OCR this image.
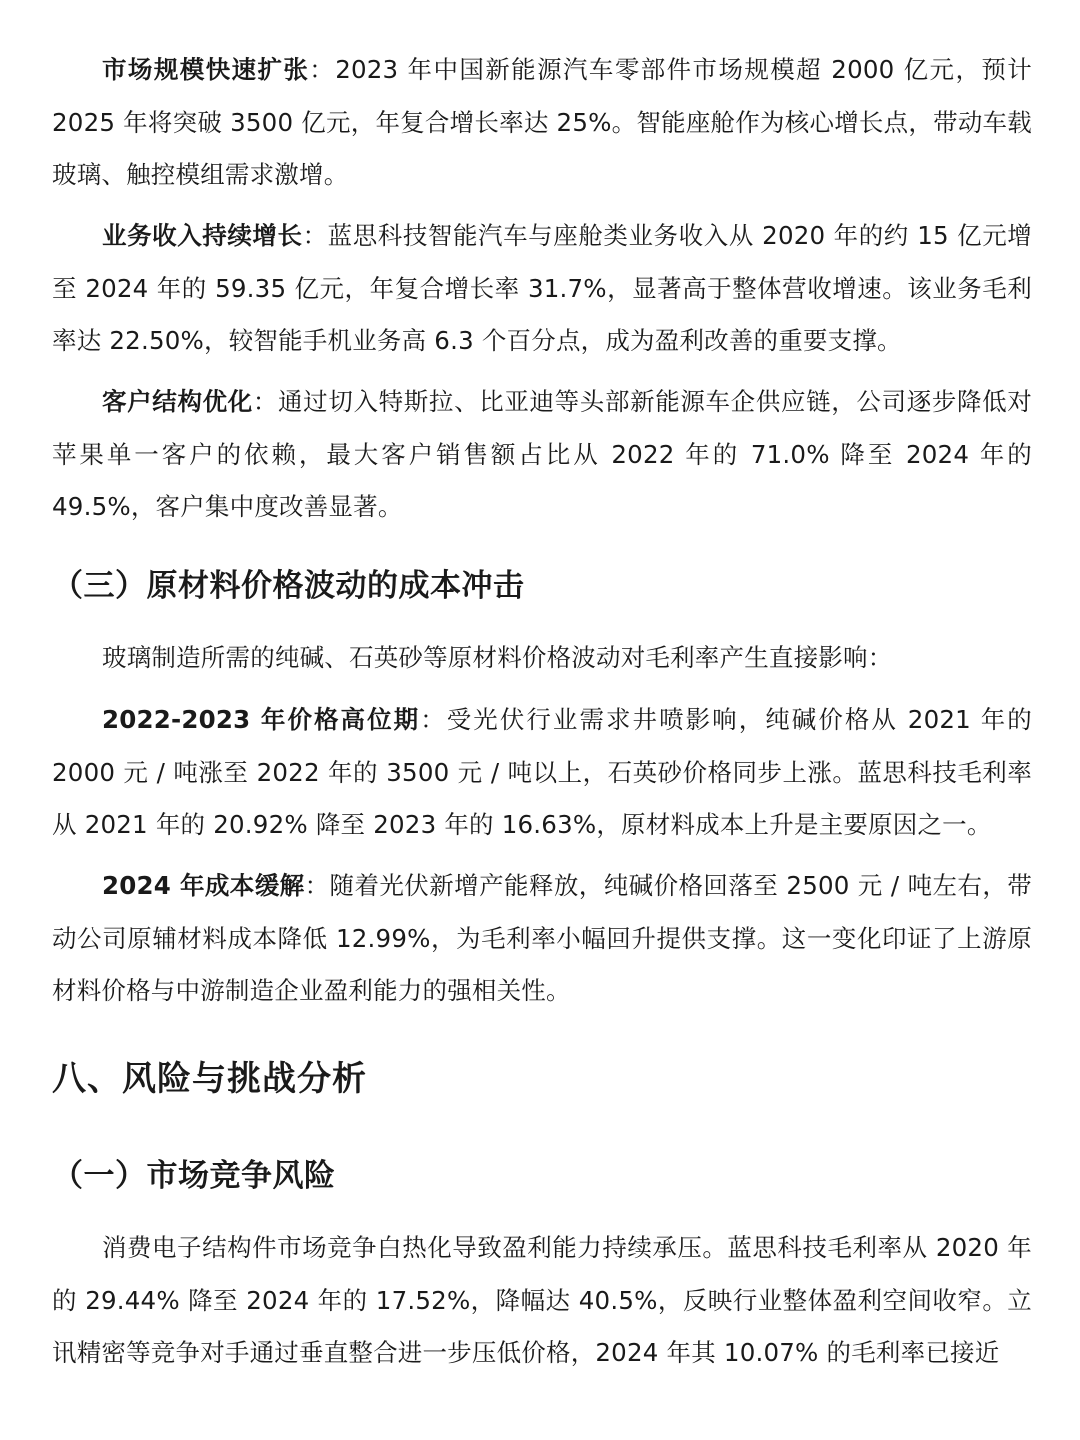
市场规模快速扩张：2023 年中国新能源汽车零部件市场规模超 2000 亿元，预计 2025 年将突破 3500 亿元，年复合增长率达 25%。智能座舱作为核心增长点，带动车载玻璃、触控模组需求激增。

业务收入持续增长：蓝思科技智能汽车与座舱类业务收入从 2020 年的约 15 亿元增至 2024 年的 59.35 亿元，年复合增长率 31.7%，显著高于整体营收增速。该业务毛利率达 22.50%，较智能手机业务高 6.3 个百分点，成为盈利改善的重要支撑。

客户结构优化：通过切入特斯拉、比亚迪等头部新能源车企供应链，公司逐步降低对苹果单一客户的依赖，最大客户销售额占比从 2022 年的 71.0% 降至 2024 年的 49.5%，客户集中度改善显著。

（三）原材料价格波动的成本冲击

玻璃制造所需的纯碱、石英砂等原材料价格波动对毛利率产生直接影响：

2022-2023 年价格高位期：受光伏行业需求井喷影响，纯碱价格从 2021 年的 2000 元 / 吨涨至 2022 年的 3500 元 / 吨以上，石英砂价格同步上涨。蓝思科技毛利率从 2021 年的 20.92% 降至 2023 年的 16.63%，原材料成本上升是主要原因之一。

2024 年成本缓解：随着光伏新增产能释放，纯碱价格回落至 2500 元 / 吨左右，带动公司原辅材料成本降低 12.99%，为毛利率小幅回升提供支撑。这一变化印证了上游原材料价格与中游制造企业盈利能力的强相关性。

八、风险与挑战分析
（一）市场竞争风险

消费电子结构件市场竞争白热化导致盈利能力持续承压。蓝思科技毛利率从 2020 年的 29.44% 降至 2024 年的 17.52%，降幅达 40.5%，反映行业整体盈利空间收窄。立讯精密等竞争对手通过垂直整合进一步压低价格，2024 年其 10.07% 的毛利率已接近
